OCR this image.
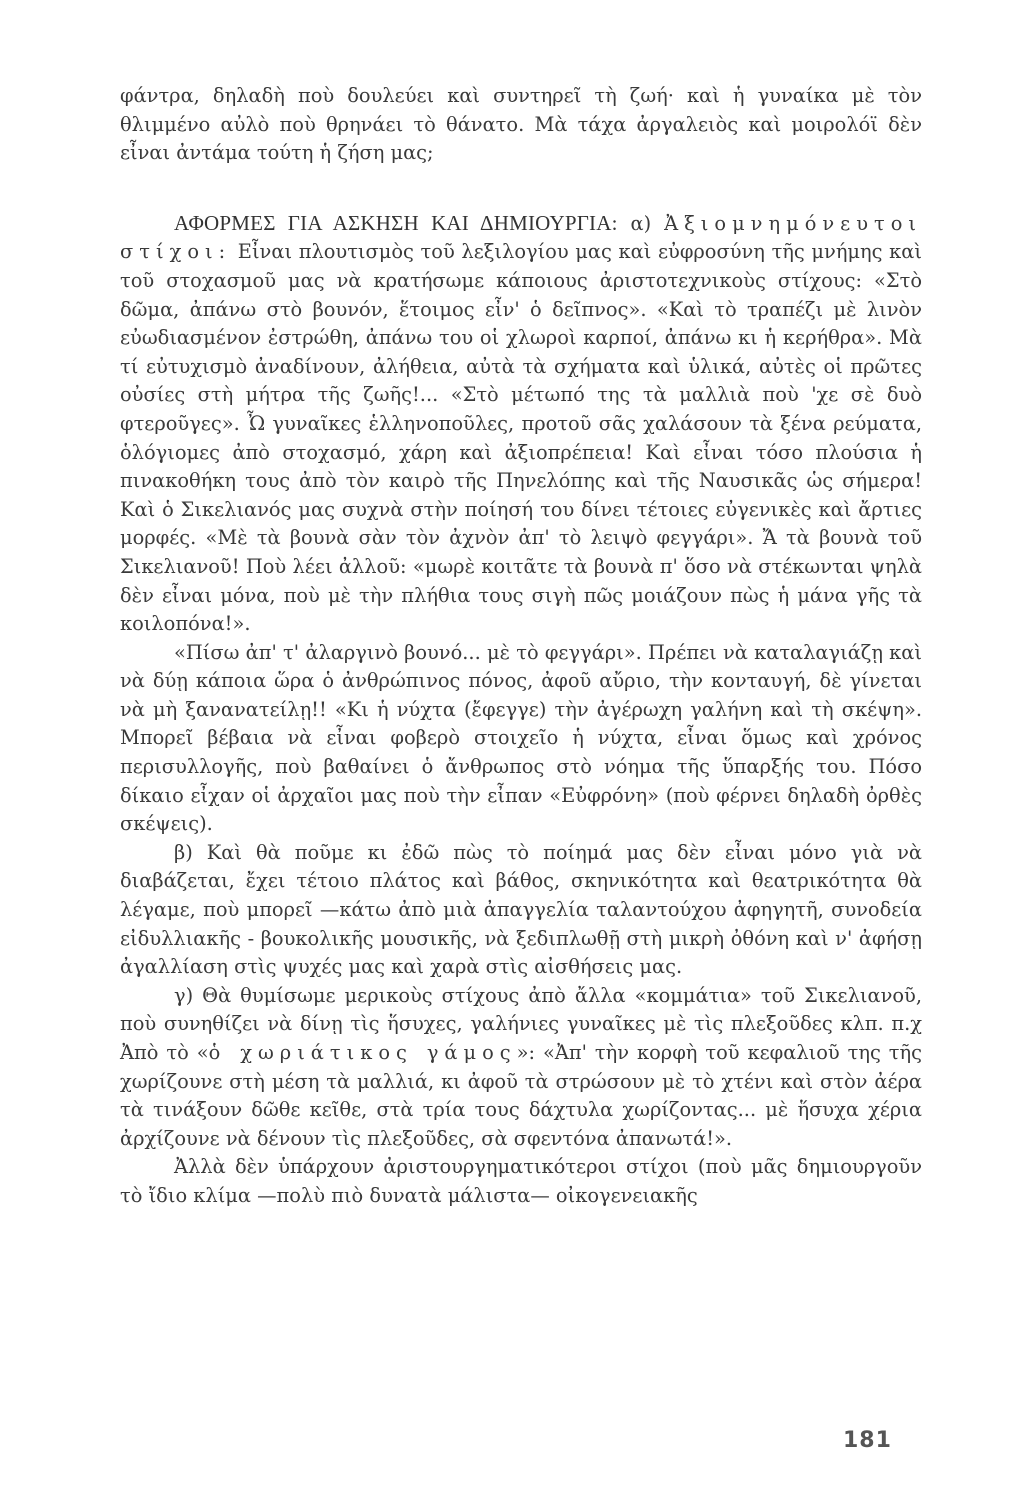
φάντρα, δηλαδὴ ποὺ δουλεύει καὶ συντηρεῖ τὴ ζωή· καὶ ἡ γυναίκα μὲ τὸν θλιμμένο αὐλὸ ποὺ θρηνάει τὸ θάνατο. Μὰ τάχα ἀργαλειὸς καὶ μοιρολόϊ δὲν εἶναι ἀντάμα τούτη ἡ ζήση μας;

ΑΦΟΡΜΕΣ ΓΙΑ ΑΣΚΗΣΗ ΚΑΙ ΔΗΜΙΟΥΡΓΙΑ: α) Ἀξιομνημόνευτοι στίχοι: Εἶναι πλουτισμὸς τοῦ λεξιλογίου μας καὶ εὐφροσύνη τῆς μνήμης καὶ τοῦ στοχασμοῦ μας νὰ κρατήσωμε κάποιους ἀριστοτεχνικοὺς στίχους: «Στὸ δῶμα, ἀπάνω στὸ βουνόν, ἕτοιμος εἶν' ὁ δεῖπνος». «Καὶ τὸ τραπέζι μὲ λινὸν εὐωδιασμένον ἐστρώθη, ἀπάνω του οἱ χλωροὶ καρποί, ἀπάνω κι ἡ κερήθρα». Μὰ τί εὐτυχισμὸ ἀναδίνουν, ἀλήθεια, αὐτὰ τὰ σχήματα καὶ ὑλικά, αὐτὲς οἱ πρῶτες οὐσίες στὴ μήτρα τῆς ζωῆς!... «Στὸ μέτωπό της τὰ μαλλιὰ ποὺ 'χε σὲ δυὸ φτεροῦγες». Ὦ γυναῖκες ἑλληνοποῦλες, προτοῦ σᾶς χαλάσουν τὰ ξένα ρεύματα, ὁλόγιομες ἀπὸ στοχασμό, χάρη καὶ ἀξιοπρέπεια! Καὶ εἶναι τόσο πλούσια ἡ πινακοθήκη τους ἀπὸ τὸν καιρὸ τῆς Πηνελόπης καὶ τῆς Ναυσικᾶς ὡς σήμερα! Καὶ ὁ Σικελιανός μας συχνὰ στὴν ποίησή του δίνει τέτοιες εὐγενικὲς καὶ ἄρτιες μορφές. «Μὲ τὰ βουνὰ σὰν τὸν ἀχνὸν ἀπ' τὸ λειψὸ φεγγάρι». Ἄ τὰ βουνὰ τοῦ Σικελιανοῦ! Ποὺ λέει ἀλλοῦ: «μωρὲ κοιτᾶτε τὰ βουνὰ π' ὅσο νὰ στέκωνται ψηλὰ δὲν εἶναι μόνα, ποὺ μὲ τὴν πλήθια τους σιγὴ πῶς μοιάζουν πὼς ἡ μάνα γῆς τὰ κοιλοπόνα!».

«Πίσω ἀπ' τ' ἀλαργινὸ βουνό... μὲ τὸ φεγγάρι». Πρέπει νὰ καταλαγιάζῃ καὶ νὰ δύῃ κάποια ὥρα ὁ ἀνθρώπινος πόνος, ἀφοῦ αὔριο, τὴν κονταυγή, δὲ γίνεται νὰ μὴ ξανανατείλῃ!! «Κι ἡ νύχτα (ἔφεγγε) τὴν ἀγέρωχη γαλήνη καὶ τὴ σκέψη». Μπορεῖ βέβαια νὰ εἶναι φοβερὸ στοιχεῖο ἡ νύχτα, εἶναι ὅμως καὶ χρόνος περισυλλογῆς, ποὺ βαθαίνει ὁ ἄνθρωπος στὸ νόημα τῆς ὕπαρξής του. Πόσο δίκαιο εἶχαν οἱ ἀρχαῖοι μας ποὺ τὴν εἶπαν «Εὐφρόνη» (ποὺ φέρνει δηλαδὴ ὀρθὲς σκέψεις).

β) Καὶ θὰ ποῦμε κι ἐδῶ πὼς τὸ ποίημά μας δὲν εἶναι μόνο γιὰ νὰ διαβάζεται, ἔχει τέτοιο πλάτος καὶ βάθος, σκηνικότητα καὶ θεατρικότητα θὰ λέγαμε, ποὺ μπορεῖ —κάτω ἀπὸ μιὰ ἀπαγγελία ταλαντούχου ἀφηγητῆ, συνοδεία εἰδυλλιακῆς - βουκολικῆς μουσικῆς, νὰ ξεδιπλωθῇ στὴ μικρὴ ὀθόνη καὶ ν' ἀφήσῃ ἀγαλλίαση στὶς ψυχές μας καὶ χαρὰ στὶς αἰσθήσεις μας.

γ) Θὰ θυμίσωμε μερικοὺς στίχους ἀπὸ ἄλλα «κομμάτια» τοῦ Σικελιανοῦ, ποὺ συνηθίζει νὰ δίνῃ τὶς ἥσυχες, γαλήνιες γυναῖκες μὲ τὶς πλεξοῦδες κλπ. π.χ Ἀπὸ τὸ «ὁ χωριάτικος γάμος»: «Ἀπ' τὴν κορφὴ τοῦ κεφαλιοῦ της τῆς χωρίζουνε στὴ μέση τὰ μαλλιά, κι ἀφοῦ τὰ στρώσουν μὲ τὸ χτένι καὶ στὸν ἀέρα τὰ τινάξουν δῶθε κεῖθε, στὰ τρία τους δάχτυλα χωρίζοντας... μὲ ἥσυχα χέρια ἀρχίζουνε νὰ δένουν τὶς πλεξοῦδες, σὰ σφεντόνα ἀπανωτά!».

Ἀλλὰ δὲν ὑπάρχουν ἀριστουργηματικότεροι στίχοι (ποὺ μᾶς δημιουργοῦν τὸ ἴδιο κλίμα —πολὺ πιὸ δυνατὰ μάλιστα— οἰκογενειακῆς

181
